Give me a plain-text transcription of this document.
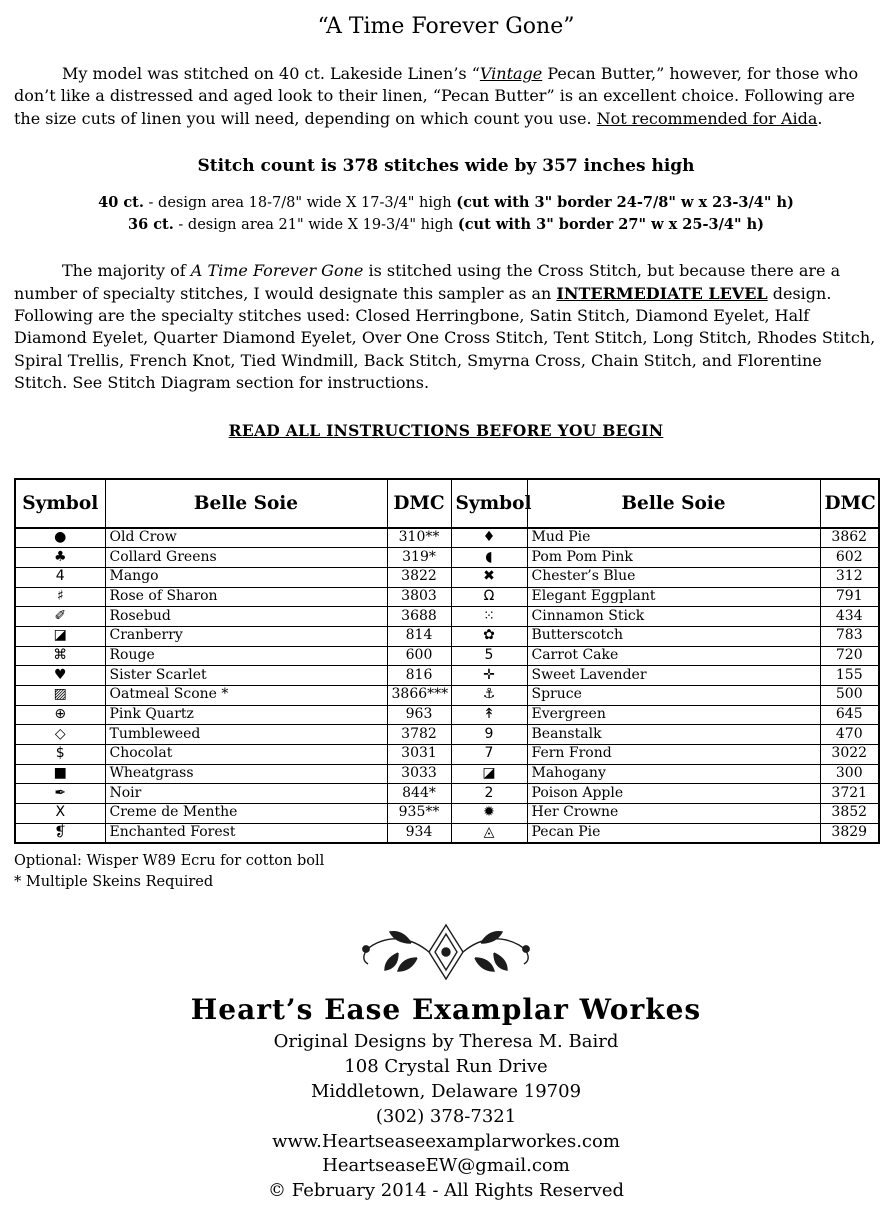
“A Time Forever Gone”

My model was stitched on 40 ct. Lakeside Linen’s “Vintage Pecan Butter,” however, for those who don’t like a distressed and aged look to their linen, “Pecan Butter” is an excellent choice. Following are the size cuts of linen you will need, depending on which count you use. Not recommended for Aida.

Stitch count is 378 stitches wide by 357 inches high
40 ct. - design area 18-7/8" wide X 17-3/4" high (cut with 3" border 24-7/8" w x 23-3/4" h)
36 ct. - design area 21" wide X 19-3/4" high (cut with 3" border 27" w x 25-3/4" h)

The majority of A Time Forever Gone is stitched using the Cross Stitch, but because there are a number of specialty stitches, I would designate this sampler as an INTERMEDIATE LEVEL design. Following are the specialty stitches used: Closed Herringbone, Satin Stitch, Diamond Eyelet, Half Diamond Eyelet, Quarter Diamond Eyelet, Over One Cross Stitch, Tent Stitch, Long Stitch, Rhodes Stitch, Spiral Trellis, French Knot, Tied Windmill, Back Stitch, Smyrna Cross, Chain Stitch, and Florentine Stitch. See Stitch Diagram section for instructions.

READ ALL INSTRUCTIONS BEFORE YOU BEGIN
Symbol	Belle Soie	DMC	Symbol	Belle Soie	DMC
●	Old Crow	310**	♦	Mud Pie	3862
♣	Collard Greens	319*	◖	Pom Pom Pink	602
4	Mango	3822	✖	Chester’s Blue	312
♯	Rose of Sharon	3803	Ω	Elegant Eggplant	791
✐	Rosebud	3688	⁙	Cinnamon Stick	434
◪	Cranberry	814	✿	Butterscotch	783
⌘	Rouge	600	5	Carrot Cake	720
♥	Sister Scarlet	816	✛	Sweet Lavender	155
▨	Oatmeal Scone *	3866***	⚓	Spruce	500
⊕	Pink Quartz	963	↟	Evergreen	645
◇	Tumbleweed	3782	9	Beanstalk	470
$	Chocolat	3031	7	Fern Frond	3022
■	Wheatgrass	3033	◪	Mahogany	300
✒	Noir	844*	2	Poison Apple	3721
Ⅹ	Creme de Menthe	935**	✹	Her Crowne	3852
❡	Enchanted Forest	934	◬	Pecan Pie	3829
Optional: Wisper W89 Ecru for cotton boll
* Multiple Skeins Required
Heart’s Ease Examplar Workes
Original Designs by Theresa M. Baird
108 Crystal Run Drive
Middletown, Delaware 19709
(302) 378-7321
www.Heartseaseexamplarworkes.com
HeartseaseEW@gmail.com
© February 2014 - All Rights Reserved
